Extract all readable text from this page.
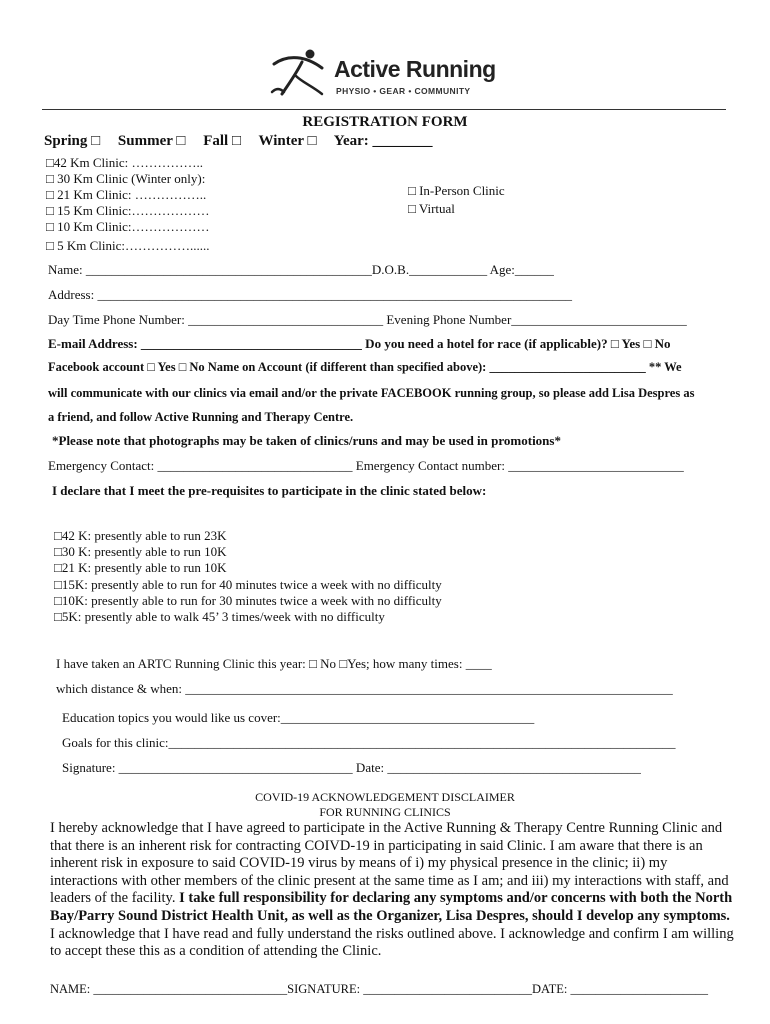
Active Running
PHYSIO • GEAR • COMMUNITY
REGISTRATION FORM
Spring □ Summer □ Fall □ Winter □ Year: ________
□42 Km Clinic: ……………..
□ 30 Km Clinic (Winter only):
□ 21 Km Clinic: ……………..
□ 15 Km Clinic:………………
□ 10 Km Clinic:………………
□ 5 Km Clinic:……………......
□ In-Person Clinic
□ Virtual
Name: ____________________________________________D.O.B.____________ Age:______
Address: _________________________________________________________________________
Day Time Phone Number: ______________________________ Evening Phone Number___________________________
E-mail Address: __________________________________ Do you need a hotel for race (if applicable)? □ Yes □ No
Facebook account □ Yes □ No Name on Account (if different than specified above): _________________________ ** We
will communicate with our clinics via email and/or the private FACEBOOK running group, so please add Lisa Despres as
a friend, and follow Active Running and Therapy Centre.
*Please note that photographs may be taken of clinics/runs and may be used in promotions*
Emergency Contact: ______________________________ Emergency Contact number: ___________________________
I declare that I meet the pre-requisites to participate in the clinic stated below:
□42 K: presently able to run 23K
□30 K: presently able to run 10K
□21 K: presently able to run 10K
□15K: presently able to run for 40 minutes twice a week with no difficulty
□10K: presently able to run for 30 minutes twice a week with no difficulty
□5K: presently able to walk 45’ 3 times/week with no difficulty
I have taken an ARTC Running Clinic this year: □ No □Yes; how many times: ____
which distance & when: ___________________________________________________________________________
Education topics you would like us cover:_______________________________________
Goals for this clinic:______________________________________________________________________________
Signature: ____________________________________ Date: _______________________________________
COVID-19 ACKNOWLEDGEMENT DISCLAIMER
FOR RUNNING CLINICS
I hereby acknowledge that I have agreed to participate in the Active Running & Therapy Centre Running Clinic and that there is an inherent risk for contracting COIVD-19 in participating in said Clinic. I am aware that there is an inherent risk in exposure to said COVID-19 virus by means of i) my physical presence in the clinic; ii) my interactions with other members of the clinic present at the same time as I am; and iii) my interactions with staff, and leaders of the facility. I take full responsibility for declaring any symptoms and/or concerns with both the North Bay/Parry Sound District Health Unit, as well as the Organizer, Lisa Despres, should I develop any symptoms. I acknowledge that I have read and fully understand the risks outlined above. I acknowledge and confirm I am willing to accept these this as a condition of attending the Clinic.
NAME: _______________________________SIGNATURE: ___________________________DATE: ______________________
